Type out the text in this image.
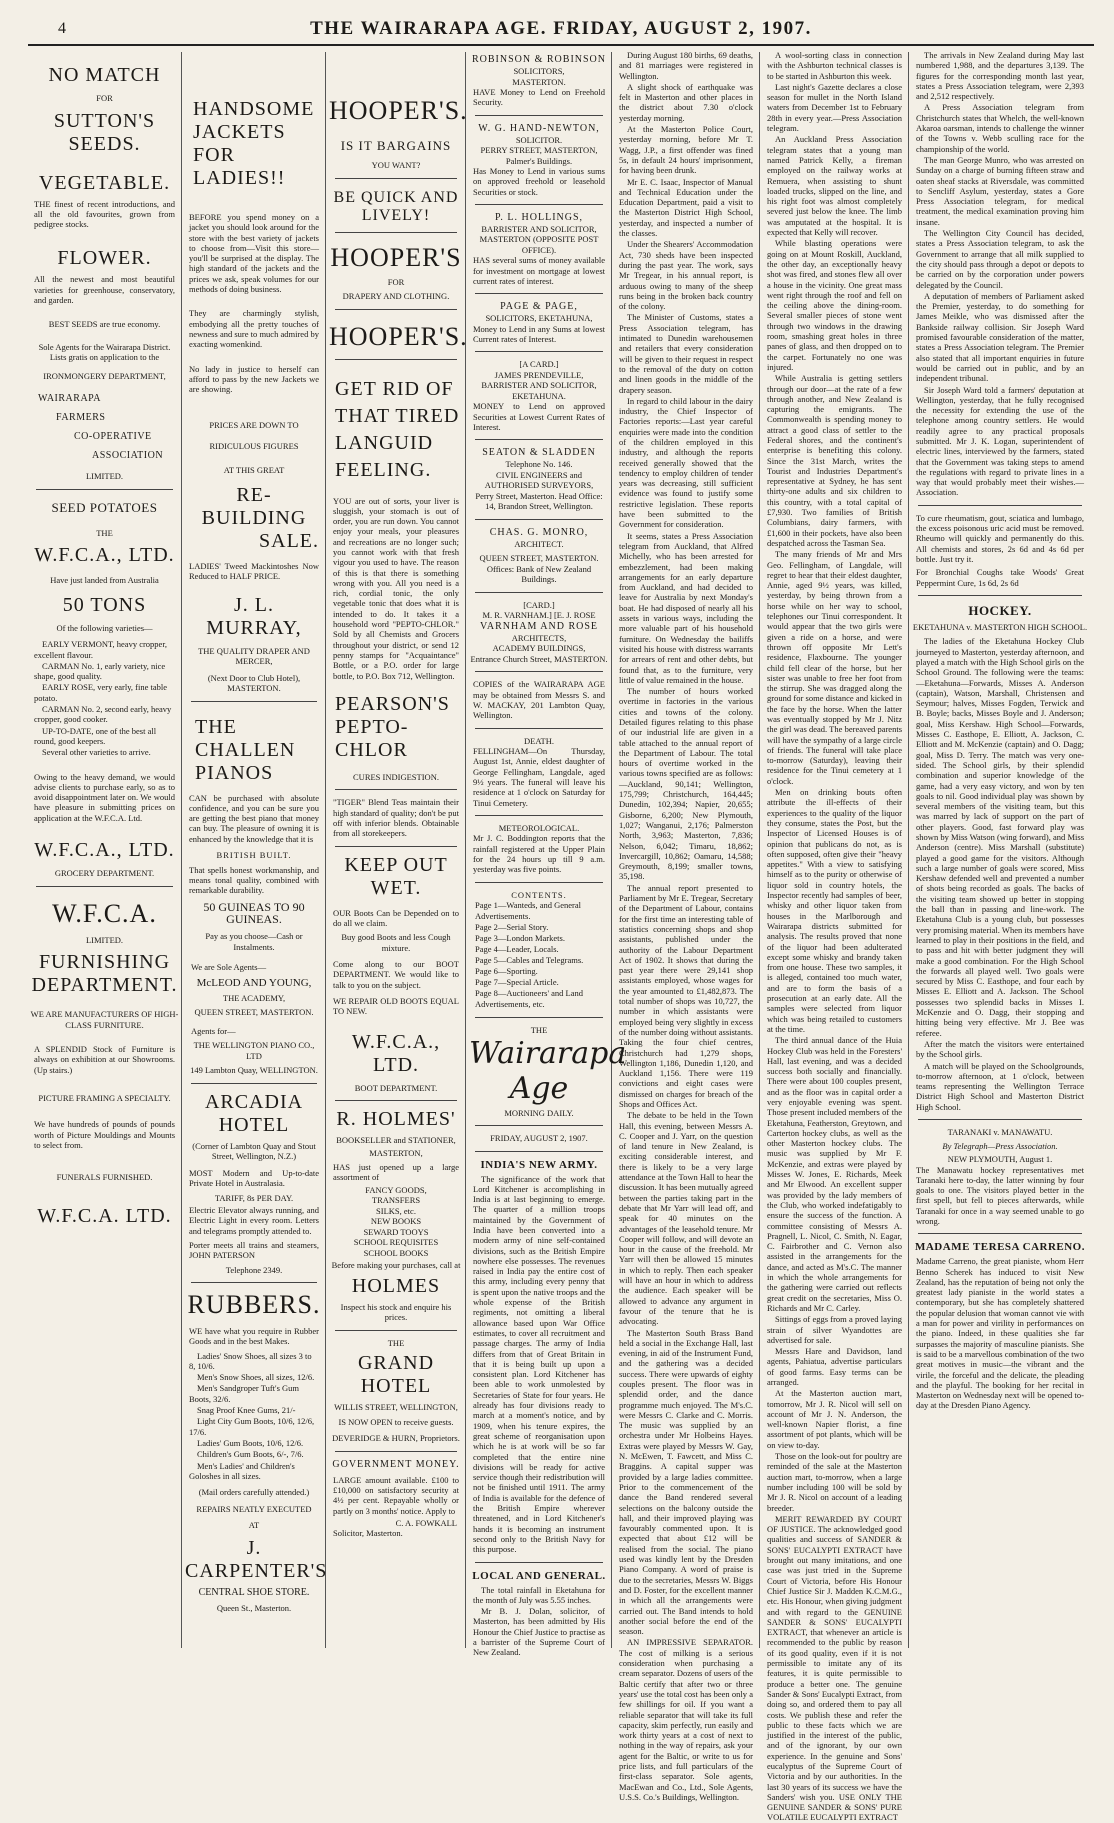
4	THE WAIRARAPA AGE. FRIDAY, AUGUST 2, 1907.
NO MATCH
FOR
SUTTON'S SEEDS.
VEGETABLE.
THE finest of recent introductions, and all the old favourites, grown from pedigree stocks.
FLOWER.
All the newest and most beautiful varieties for greenhouse, conservatory, and garden.
BEST SEEDS are true economy.
Sole Agents for the Wairarapa District. Lists gratis on application to the
IRONMONGERY DEPARTMENT,
WAIRARAPA
FARMERS
CO-OPERATIVE
ASSOCIATION
LIMITED.
SEED POTATOES
THE
W.F.C.A., LTD.
Have just landed from Australia
50 TONS
Of the following varieties—

EARLY VERMONT, heavy cropper, excellent flavour.

CARMAN No. 1, early variety, nice shape, good quality.

EARLY ROSE, very early, fine table potato.

CARMAN No. 2, second early, heavy cropper, good cooker.

UP-TO-DATE, one of the best all round, good keepers.

Several other varieties to arrive.

Owing to the heavy demand, we would advise clients to purchase early, so as to avoid disappointment later on. We would have pleasure in submitting prices on application at the W.F.C.A. Ltd.
W.F.C.A., LTD.
GROCERY DEPARTMENT.
W.F.C.A.
LIMITED.
FURNISHING DEPARTMENT.
WE ARE MANUFACTURERS OF HIGH-CLASS FURNITURE.
A SPLENDID Stock of Furniture is always on exhibition at our Showrooms. (Up stairs.)
PICTURE FRAMING A SPECIALTY.
We have hundreds of pounds of pounds worth of Picture Mouldings and Mounts to select from.
FUNERALS FURNISHED.
W.F.C.A. LTD.
HANDSOME
JACKETS
FOR
LADIES!!
BEFORE you spend money on a jacket you should look around for the store with the best variety of jackets to choose from—Visit this store—you'll be surprised at the display. The high standard of the jackets and the prices we ask, speak volumes for our methods of doing business.
They are charmingly stylish, embodying all the pretty touches of newness and sure to much admired by exacting womenkind.
No lady in justice to herself can afford to pass by the new Jackets we are showing.
PRICES ARE DOWN TO
RIDICULOUS FIGURES
AT THIS GREAT
RE-BUILDING
SALE.
LADIES' Tweed Mackintoshes Now Reduced to HALF PRICE.
J. L. MURRAY,
THE QUALITY DRAPER AND MERCER,
(Next Door to Club Hotel), MASTERTON.
THE
CHALLEN
PIANOS
CAN be purchased with absolute confidence, and you can be sure you are getting the best piano that money can buy. The pleasure of owning it is enhanced by the knowledge that it is
BRITISH BUILT.
That spells honest workmanship, and means tonal quality, combined with remarkable durability.
50 GUINEAS TO 90 GUINEAS.
Pay as you choose—Cash or Instalments.
We are Sole Agents—
McLEOD AND YOUNG,
THE ACADEMY,
QUEEN STREET, MASTERTON.
Agents for—
THE WELLINGTON PIANO CO., LTD
149 Lambton Quay, WELLINGTON.
ARCADIA HOTEL
(Corner of Lambton Quay and Stout Street, Wellington, N.Z.)
MOST Modern and Up-to-date Private Hotel in Australasia.
TARIFF, 8s PER DAY.
Electric Elevator always running, and Electric Light in every room. Letters and telegrams promptly attended to.
Porter meets all trains and steamers, JOHN PATERSON
Telephone 2349.
RUBBERS.
WE have what you require in Rubber Goods and in the best Makes.

Ladies' Snow Shoes, all sizes 3 to 8, 10/6.

Men's Snow Shoes, all sizes, 12/6.

Men's Sandgroper Tuft's Gum Boots, 32/6.

Snag Proof Knee Gums, 21/-

Light City Gum Boots, 10/6, 12/6, 17/6.

Ladies' Gum Boots, 10/6, 12/6.

Children's Gum Boots, 6/-, 7/6.

Men's Ladies' and Children's Goloshes in all sizes.

(Mail orders carefully attended.)
REPAIRS NEATLY EXECUTED
AT
J. CARPENTER'S
CENTRAL SHOE STORE.
Queen St., Masterton.
HOOPER'S.
IS IT BARGAINS
YOU WANT?
BE QUICK AND LIVELY!
HOOPER'S
FOR
DRAPERY AND CLOTHING.
HOOPER'S.
GET RID OF THAT TIRED LANGUID FEELING.
YOU are out of sorts, your liver is sluggish, your stomach is out of order, you are run down. You cannot enjoy your meals, your pleasures and recreations are no longer such; you cannot work with that fresh vigour you used to have. The reason of this is that there is something wrong with you. All you need is a rich, cordial tonic, the only vegetable tonic that does what it is intended to do. It takes it a household word "PEPTO-CHLOR." Sold by all Chemists and Grocers throughout your district, or send 12 penny stamps for "Acquaintance" Bottle, or a P.O. order for large bottle, to P.O. Box 712, Wellington.
PEARSON'S PEPTO-CHLOR
CURES INDIGESTION.
"TIGER" Blend Teas maintain their high standard of quality; don't be put off with inferior blends. Obtainable from all storekeepers.
KEEP OUT WET.
OUR Boots Can be Depended on to do all we claim.
Buy good Boots and less Cough mixture.
Come along to our BOOT DEPARTMENT. We would like to talk to you on the subject.
WE REPAIR OLD BOOTS EQUAL TO NEW.
W.F.C.A., LTD.
BOOT DEPARTMENT.
R. HOLMES'
BOOKSELLER and STATIONER,
MASTERTON,
HAS just opened up a large assortment of
FANCY GOODS,
TRANSFERS
SILKS, etc.
NEW BOOKS
SEWARD TOOYS
SCHOOL REQUISITES
SCHOOL BOOKS
Before making your purchases, call at
HOLMES
Inspect his stock and enquire his prices.
THE
GRAND HOTEL
WILLIS STREET, WELLINGTON,
IS NOW OPEN to receive guests.
DEVERIDGE & HURN, Proprietors.
GOVERNMENT MONEY.
LARGE amount available. £100 to £10,000 on satisfactory security at 4½ per cent. Repayable wholly or partly on 3 months' notice. Apply to
C. A. FOWKALL
Solicitor, Masterton.
ROBINSON & ROBINSON
SOLICITORS,
MASTERTON.
HAVE Money to Lend on Freehold Security.
W. G. HAND-NEWTON,
SOLICITOR.
PERRY STREET, MASTERTON, Palmer's Buildings.
Has Money to Lend in various sums on approved freehold or leasehold Securities or stock.
P. L. HOLLINGS,
BARRISTER AND SOLICITOR,
MASTERTON (OPPOSITE POST OFFICE).
HAS several sums of money available for investment on mortgage at lowest current rates of interest.
PAGE & PAGE,
SOLICITORS, EKETAHUNA,
Money to Lend in any Sums at lowest Current rates of Interest.
[A CARD.]
JAMES PRENDEVILLE,
BARRISTER AND SOLICITOR, EKETAHUNA.
MONEY to Lend on approved Securities at Lowest Current Rates of Interest.
SEATON & SLADDEN
Telephone No. 146.
CIVIL ENGINEERS and AUTHORISED SURVEYORS,
Perry Street, Masterton. Head Office: 14, Brandon Street, Wellington.
CHAS. G. MONRO,
ARCHITECT.
QUEEN STREET, MASTERTON. Offices: Bank of New Zealand Buildings.
[CARD.]
M. R. VARNHAM.] [E. J. ROSE
VARNHAM AND ROSE
ARCHITECTS,
ACADEMY BUILDINGS,
Entrance Church Street, MASTERTON.
COPIES of the WAIRARAPA AGE may be obtained from Messrs S. and W. MACKAY, 201 Lambton Quay, Wellington.
DEATH.
FELLINGHAM—On Thursday, August 1st, Annie, eldest daughter of George Fellingham, Langdale, aged 9½ years. The funeral will leave his residence at 1 o'clock on Saturday for Tinui Cemetery.
METEOROLOGICAL.
Mr J. C. Boddington reports that the rainfall registered at the Upper Plain for the 24 hours up till 9 a.m. yesterday was five points.
CONTENTS.
Page 1—Wanteds, and General Advertisements.
Page 2—Serial Story.
Page 3—London Markets.
Page 4—Leader, Locals.
Page 5—Cables and Telegrams.
Page 6—Sporting.
Page 7—Special Article.
Page 8—Auctioneers' and Land Advertisements, etc.
THE
Wairarapa Age
MORNING DAILY.
FRIDAY, AUGUST 2, 1907.
INDIA'S NEW ARMY.

The significance of the work that Lord Kitchener is accomplishing in India is at last beginning to emerge. The quarter of a million troops maintained by the Government of India have been converted into a modern army of nine self-contained divisions, such as the British Empire nowhere else possesses. The revenues raised in India pay the entire cost of this army, including every penny that is spent upon the native troops and the whole expense of the British regiments, not omitting a liberal allowance based upon War Office estimates, to cover all recruitment and passage charges. The army of India differs from that of Great Britain in that it is being built up upon a consistent plan. Lord Kitchener has been able to work unmolested by Secretaries of State for four years. He already has four divisions ready to march at a moment's notice, and by 1909, when his tenure expires, the great scheme of reorganisation upon which he is at work will be so far completed that the entire nine divisions will be ready for active service though their redistribution will not be finished until 1911. The army of India is available for the defence of the British Empire wherever threatened, and in Lord Kitchener's hands it is becoming an instrument second only to the British Navy for this purpose.

LOCAL AND GENERAL.

The total rainfall in Eketahuna for the month of July was 5.55 inches.

Mr B. J. Dolan, solicitor, of Masterton, has been admitted by His Honour the Chief Justice to practise as a barrister of the Supreme Court of New Zealand.

During August 180 births, 69 deaths, and 81 marriages were registered in Wellington.

A slight shock of earthquake was felt in Masterton and other places in the district about 7.30 o'clock yesterday morning.

At the Masterton Police Court, yesterday morning, before Mr T. Wagg, J.P., a first offender was fined 5s, in default 24 hours' imprisonment, for having been drunk.

Mr E. C. Isaac, Inspector of Manual and Technical Education under the Education Department, paid a visit to the Masterton District High School, yesterday, and inspected a number of the classes.

Under the Shearers' Accommodation Act, 730 sheds have been inspected during the past year. The work, says Mr Tregear, in his annual report, is arduous owing to many of the sheep runs being in the broken back country of the colony.

The Minister of Customs, states a Press Association telegram, has intimated to Dunedin warehousemen and retailers that every consideration will be given to their request in respect to the removal of the duty on cotton and linen goods in the middle of the drapery season.

In regard to child labour in the dairy industry, the Chief Inspector of Factories reports:—Last year careful enquiries were made into the condition of the children employed in this industry, and although the reports received generally showed that the tendency to employ children of tender years was decreasing, still sufficient evidence was found to justify some restrictive legislation. These reports have been submitted to the Government for consideration.

It seems, states a Press Association telegram from Auckland, that Alfred Michelly, who has been arrested for embezzlement, had been making arrangements for an early departure from Auckland, and had decided to leave for Australia by next Monday's boat. He had disposed of nearly all his assets in various ways, including the more valuable part of his household furniture. On Wednesday the bailiffs visited his house with distress warrants for arrears of rent and other debts, but found that, as to the furniture, very little of value remained in the house.

The number of hours worked overtime in factories in the various cities and towns of the colony. Detailed figures relating to this phase of our industrial life are given in a table attached to the annual report of the Department of Labour. The total hours of overtime worked in the various towns specified are as follows:—Auckland, 90,141; Wellington, 175,799; Christchurch, 164,445; Dunedin, 102,394; Napier, 20,655; Gisborne, 6,200; New Plymouth, 1,027; Wanganui, 2,176; Palmerston North, 3,963; Masterton, 7,836; Nelson, 6,042; Timaru, 18,862; Invercargill, 10,862; Oamaru, 14,588; Greymouth, 8,199; smaller towns, 35,198.

The annual report presented to Parliament by Mr E. Tregear, Secretary of the Department of Labour, contains for the first time an interesting table of statistics concerning shops and shop assistants, published under the authority of the Labour Department Act of 1902. It shows that during the past year there were 29,141 shop assistants employed, whose wages for the year amounted to £1,482,873. The total number of shops was 10,727, the number in which assistants were employed being very slightly in excess of the number doing without assistants. Taking the four chief centres, Christchurch had 1,279 shops, Wellington 1,186, Dunedin 1,120, and Auckland 1,156. There were 119 convictions and eight cases were dismissed on charges for breach of the Shops and Offices Act.

The debate to be held in the Town Hall, this evening, between Messrs A. C. Cooper and J. Yarr, on the question of land tenure in New Zealand, is exciting considerable interest, and there is likely to be a very large attendance at the Town Hall to hear the discussion. It has been mutually agreed between the parties taking part in the debate that Mr Yarr will lead off, and speak for 40 minutes on the advantages of the leasehold tenure. Mr Cooper will follow, and will devote an hour in the cause of the freehold. Mr Yarr will then be allowed 15 minutes in which to reply. Then each speaker will have an hour in which to address the audience. Each speaker will be allowed to advance any argument in favour of the tenure that he is advocating.

The Masterton South Brass Band held a social in the Exchange Hall, last evening, in aid of the Instrument Fund, and the gathering was a decided success. There were upwards of eighty couples present. The floor was in splendid order, and the dance programme much enjoyed. The M's.C. were Messrs C. Clarke and C. Morris. The music was supplied by an orchestra under Mr Holbeins Hayes. Extras were played by Messrs W. Gay, N. McEwen, T. Fawcett, and Miss C. Braggins. A capital supper was provided by a large ladies committee. Prior to the commencement of the dance the Band rendered several selections on the balcony outside the hall, and their improved playing was favourably commented upon. It is expected that about £12 will be realised from the social. The piano used was kindly lent by the Dresden Piano Company. A word of praise is due to the secretaries, Messrs W. Biggs and D. Foster, for the excellent manner in which all the arrangements were carried out. The Band intends to hold another social before the end of the season.

AN IMPRESSIVE SEPARATOR. The cost of milking is a serious consideration when purchasing a cream separator. Dozens of users of the Baltic certify that after two or three years' use the total cost has been only a few shillings for oil. If you want a reliable separator that will take its full capacity, skim perfectly, run easily and work thirty years at a cost of next to nothing in the way of repairs, ask your agent for the Baltic, or write to us for price lists, and full particulars of the first-class separator. Sole agents, MacEwan and Co., Ltd., Sole Agents, U.S.S. Co.'s Buildings, Wellington.

A wool-sorting class in connection with the Ashburton technical classes is to be started in Ashburton this week.

Last night's Gazette declares a close season for mullet in the North Island waters from December 1st to February 28th in every year.—Press Association telegram.

An Auckland Press Association telegram states that a young man named Patrick Kelly, a fireman employed on the railway works at Remuera, when assisting to shunt loaded trucks, slipped on the line, and his right foot was almost completely severed just below the knee. The limb was amputated at the hospital. It is expected that Kelly will recover.

While blasting operations were going on at Mount Roskill, Auckland, the other day, an exceptionally heavy shot was fired, and stones flew all over a house in the vicinity. One great mass went right through the roof and fell on the ceiling above the dining-room. Several smaller pieces of stone went through two windows in the drawing room, smashing great holes in three panes of glass, and then dropped on to the carpet. Fortunately no one was injured.

While Australia is getting settlers through our door—at the rate of a few through another, and New Zealand is capturing the emigrants. The Commonwealth is spending money to attract a good class of settler to the Federal shores, and the continent's enterprise is benefiting this colony. Since the 31st March, writes the Tourist and Industries Department's representative at Sydney, he has sent thirty-one adults and six children to this country, with a total capital of £7,930. Two families of British Columbians, dairy farmers, with £1,600 in their pockets, have also been despatched across the Tasman Sea.

The many friends of Mr and Mrs Geo. Fellingham, of Langdale, will regret to hear that their eldest daughter, Annie, aged 9½ years, was killed, yesterday, by being thrown from a horse while on her way to school, telephones our Tinui correspondent. It would appear that the two girls were given a ride on a horse, and were thrown off opposite Mr Lett's residence, Flaxbourne. The younger child fell clear of the horse, but her sister was unable to free her foot from the stirrup. She was dragged along the ground for some distance and kicked in the face by the horse. When the latter was eventually stopped by Mr J. Nitz the girl was dead. The bereaved parents will have the sympathy of a large circle of friends. The funeral will take place to-morrow (Saturday), leaving their residence for the Tinui cemetery at 1 o'clock.

Men on drinking bouts often attribute the ill-effects of their experiences to the quality of the liquor they consume, states the Post, but the Inspector of Licensed Houses is of opinion that publicans do not, as is often supposed, often give their "heavy appetites." With a view to satisfying himself as to the purity or otherwise of liquor sold in country hotels, the Inspector recently had samples of beer, whisky and other liquor taken from houses in the Marlborough and Wairarapa districts submitted for analysis. The results proved that none of the liquor had been adulterated except some whisky and brandy taken from one house. These two samples, it is alleged, contained too much water, and are to form the basis of a prosecution at an early date. All the samples were selected from liquor which was being retailed to customers at the time.

The third annual dance of the Huia Hockey Club was held in the Foresters' Hall, last evening, and was a decided success both socially and financially. There were about 100 couples present, and as the floor was in capital order a very enjoyable evening was spent. Those present included members of the Eketahuna, Featherston, Greytown, and Carterton hockey clubs, as well as the other Masterton hockey clubs. The music was supplied by Mr F. McKenzie, and extras were played by Misses W. Jones, E. Richards, Meek and Mr Elwood. An excellent supper was provided by the lady members of the Club, who worked indefatigably to ensure the success of the function. A committee consisting of Messrs A. Pragnell, L. Nicol, C. Smith, N. Eagar, C. Fairbrother and C. Vernon also assisted in the arrangements for the dance, and acted as M's.C. The manner in which the whole arrangements for the gathering were carried out reflects great credit on the secretaries, Miss O. Richards and Mr C. Carley.

Sittings of eggs from a proved laying strain of silver Wyandottes are advertised for sale.

Messrs Hare and Davidson, land agents, Pahiatua, advertise particulars of good farms. Easy terms can be arranged.

At the Masterton auction mart, tomorrow, Mr J. R. Nicol will sell on account of Mr J. N. Anderson, the well-known Napier florist, a fine assortment of pot plants, which will be on view to-day.

Those on the look-out for poultry are reminded of the sale at the Masterton auction mart, to-morrow, when a large number including 100 will be sold by Mr J. R. Nicol on account of a leading breeder.

MERIT REWARDED BY COURT OF JUSTICE. The acknowledged good qualities and success of SANDER & SONS' EUCALYPTI EXTRACT have brought out many imitations, and one case was just tried in the Supreme Court of Victoria, before His Honour Chief Justice Sir J. Madden K.C.M.G., etc. His Honour, when giving judgment and with regard to the GENUINE SANDER & SONS' EUCALYPTI EXTRACT, that whenever an article is recommended to the public by reason of its good quality, even if it is not permissible to imitate any of its features, it is quite permissible to produce a better one. The genuine Sander & Sons' Eucalypti Extract, from doing so, and ordered them to pay all costs. We publish these and refer the public to these facts which we are justified in the interest of the public, and of the ignorant, by our own experience. In the genuine and Sons' eucalyptus of the Supreme Court of Victoria and by our authorities. In the last 30 years of its success we have the Sanders' wish you. USE ONLY THE GENUINE SANDER & SONS' PURE VOLATILE EUCALYPTI EXTRACT

The arrivals in New Zealand during May last numbered 1,988, and the departures 3,139. The figures for the corresponding month last year, states a Press Association telegram, were 2,393 and 2,512 respectively.

A Press Association telegram from Christchurch states that Whelch, the well-known Akaroa oarsman, intends to challenge the winner of the Towns v. Webb sculling race for the championship of the world.

The man George Munro, who was arrested on Sunday on a charge of burning fifteen straw and oaten sheaf stacks at Riversdale, was committed to Sencliff Asylum, yesterday, states a Gore Press Association telegram, for medical treatment, the medical examination proving him insane.

The Wellington City Council has decided, states a Press Association telegram, to ask the Government to arrange that all milk supplied to the city should pass through a depot or depots to be carried on by the corporation under powers delegated by the Council.

A deputation of members of Parliament asked the Premier, yesterday, to do something for James Meikle, who was dismissed after the Bankside railway collision. Sir Joseph Ward promised favourable consideration of the matter, states a Press Association telegram. The Premier also stated that all important enquiries in future would be carried out in public, and by an independent tribunal.

Sir Joseph Ward told a farmers' deputation at Wellington, yesterday, that he fully recognised the necessity for extending the use of the telephone among country settlers. He would readily agree to any practical proposals submitted. Mr J. K. Logan, superintendent of electric lines, interviewed by the farmers, stated that the Government was taking steps to amend the regulations with regard to private lines in a way that would probably meet their wishes.—Association.

To cure rheumatism, gout, sciatica and lumbago, the excess poisonous uric acid must be removed. Rheumo will quickly and permanently do this. All chemists and stores, 2s 6d and 4s 6d per bottle. Just try it.
For Bronchial Coughs take Woods' Great Peppermint Cure, 1s 6d, 2s 6d
HOCKEY.
EKETAHUNA v. MASTERTON HIGH SCHOOL.

The ladies of the Eketahuna Hockey Club journeyed to Masterton, yesterday afternoon, and played a match with the High School girls on the School Ground. The following were the teams:—Eketahuna—Forwards, Misses A. Anderson (captain), Watson, Marshall, Christensen and Seymour; halves, Misses Fogden, Terwick and B. Boyle; backs, Misses Boyle and J. Anderson; goal, Miss Kershaw. High School—Forwards, Misses C. Easthope, E. Elliott, A. Jackson, C. Elliott and M. McKenzie (captain) and O. Dagg; goal, Miss D. Terry. The match was very one-sided. The School girls, by their splendid combination and superior knowledge of the game, had a very easy victory, and won by ten goals to nil. Good individual play was shown by several members of the visiting team, but this was marred by lack of support on the part of other players. Good, fast forward play was shown by Miss Watson (wing forward), and Miss Anderson (centre). Miss Marshall (substitute) played a good game for the visitors. Although such a large number of goals were scored, Miss Kershaw defended well and prevented a number of shots being recorded as goals. The backs of the visiting team showed up better in stopping the ball than in passing and line-work. The Eketahuna Club is a young club, but possesses very promising material. When its members have learned to play in their positions in the field, and to pass and hit with better judgment they will make a good combination. For the High School the forwards all played well. Two goals were secured by Miss C. Easthope, and four each by Misses E. Elliott and A. Jackson. The School possesses two splendid backs in Misses I. McKenzie and O. Dagg, their stopping and hitting being very effective. Mr J. Bee was referee.

After the match the visitors were entertained by the School girls.

A match will be played on the Schoolgrounds, to-morrow afternoon, at 1 o'clock, between teams representing the Wellington Terrace District High School and Masterton District High School.

TARANAKI v. MANAWATU.
By Telegraph—Press Association.
NEW PLYMOUTH, August 1.
The Manawatu hockey representatives met Taranaki here to-day, the latter winning by four goals to one. The visitors played better in the first spell, but fell to pieces afterwards, while Taranaki for once in a way seemed unable to go wrong.
MADAME TERESA CARRENO.
Madame Carreno, the great pianiste, whom Herr Benno Scherek has induced to visit New Zealand, has the reputation of being not only the greatest lady pianiste in the world states a contemporary, but she has completely shattered the popular delusion that woman cannot vie with a man for power and virility in performances on the piano. Indeed, in these qualities she far surpasses the majority of masculine pianists. She is said to be a marvellous combination of the two great motives in music—the vibrant and the virile, the forceful and the delicate, the pleading and the playful. The booking for her recital in Masterton on Wednesday next will be opened to-day at the Dresden Piano Agency.
